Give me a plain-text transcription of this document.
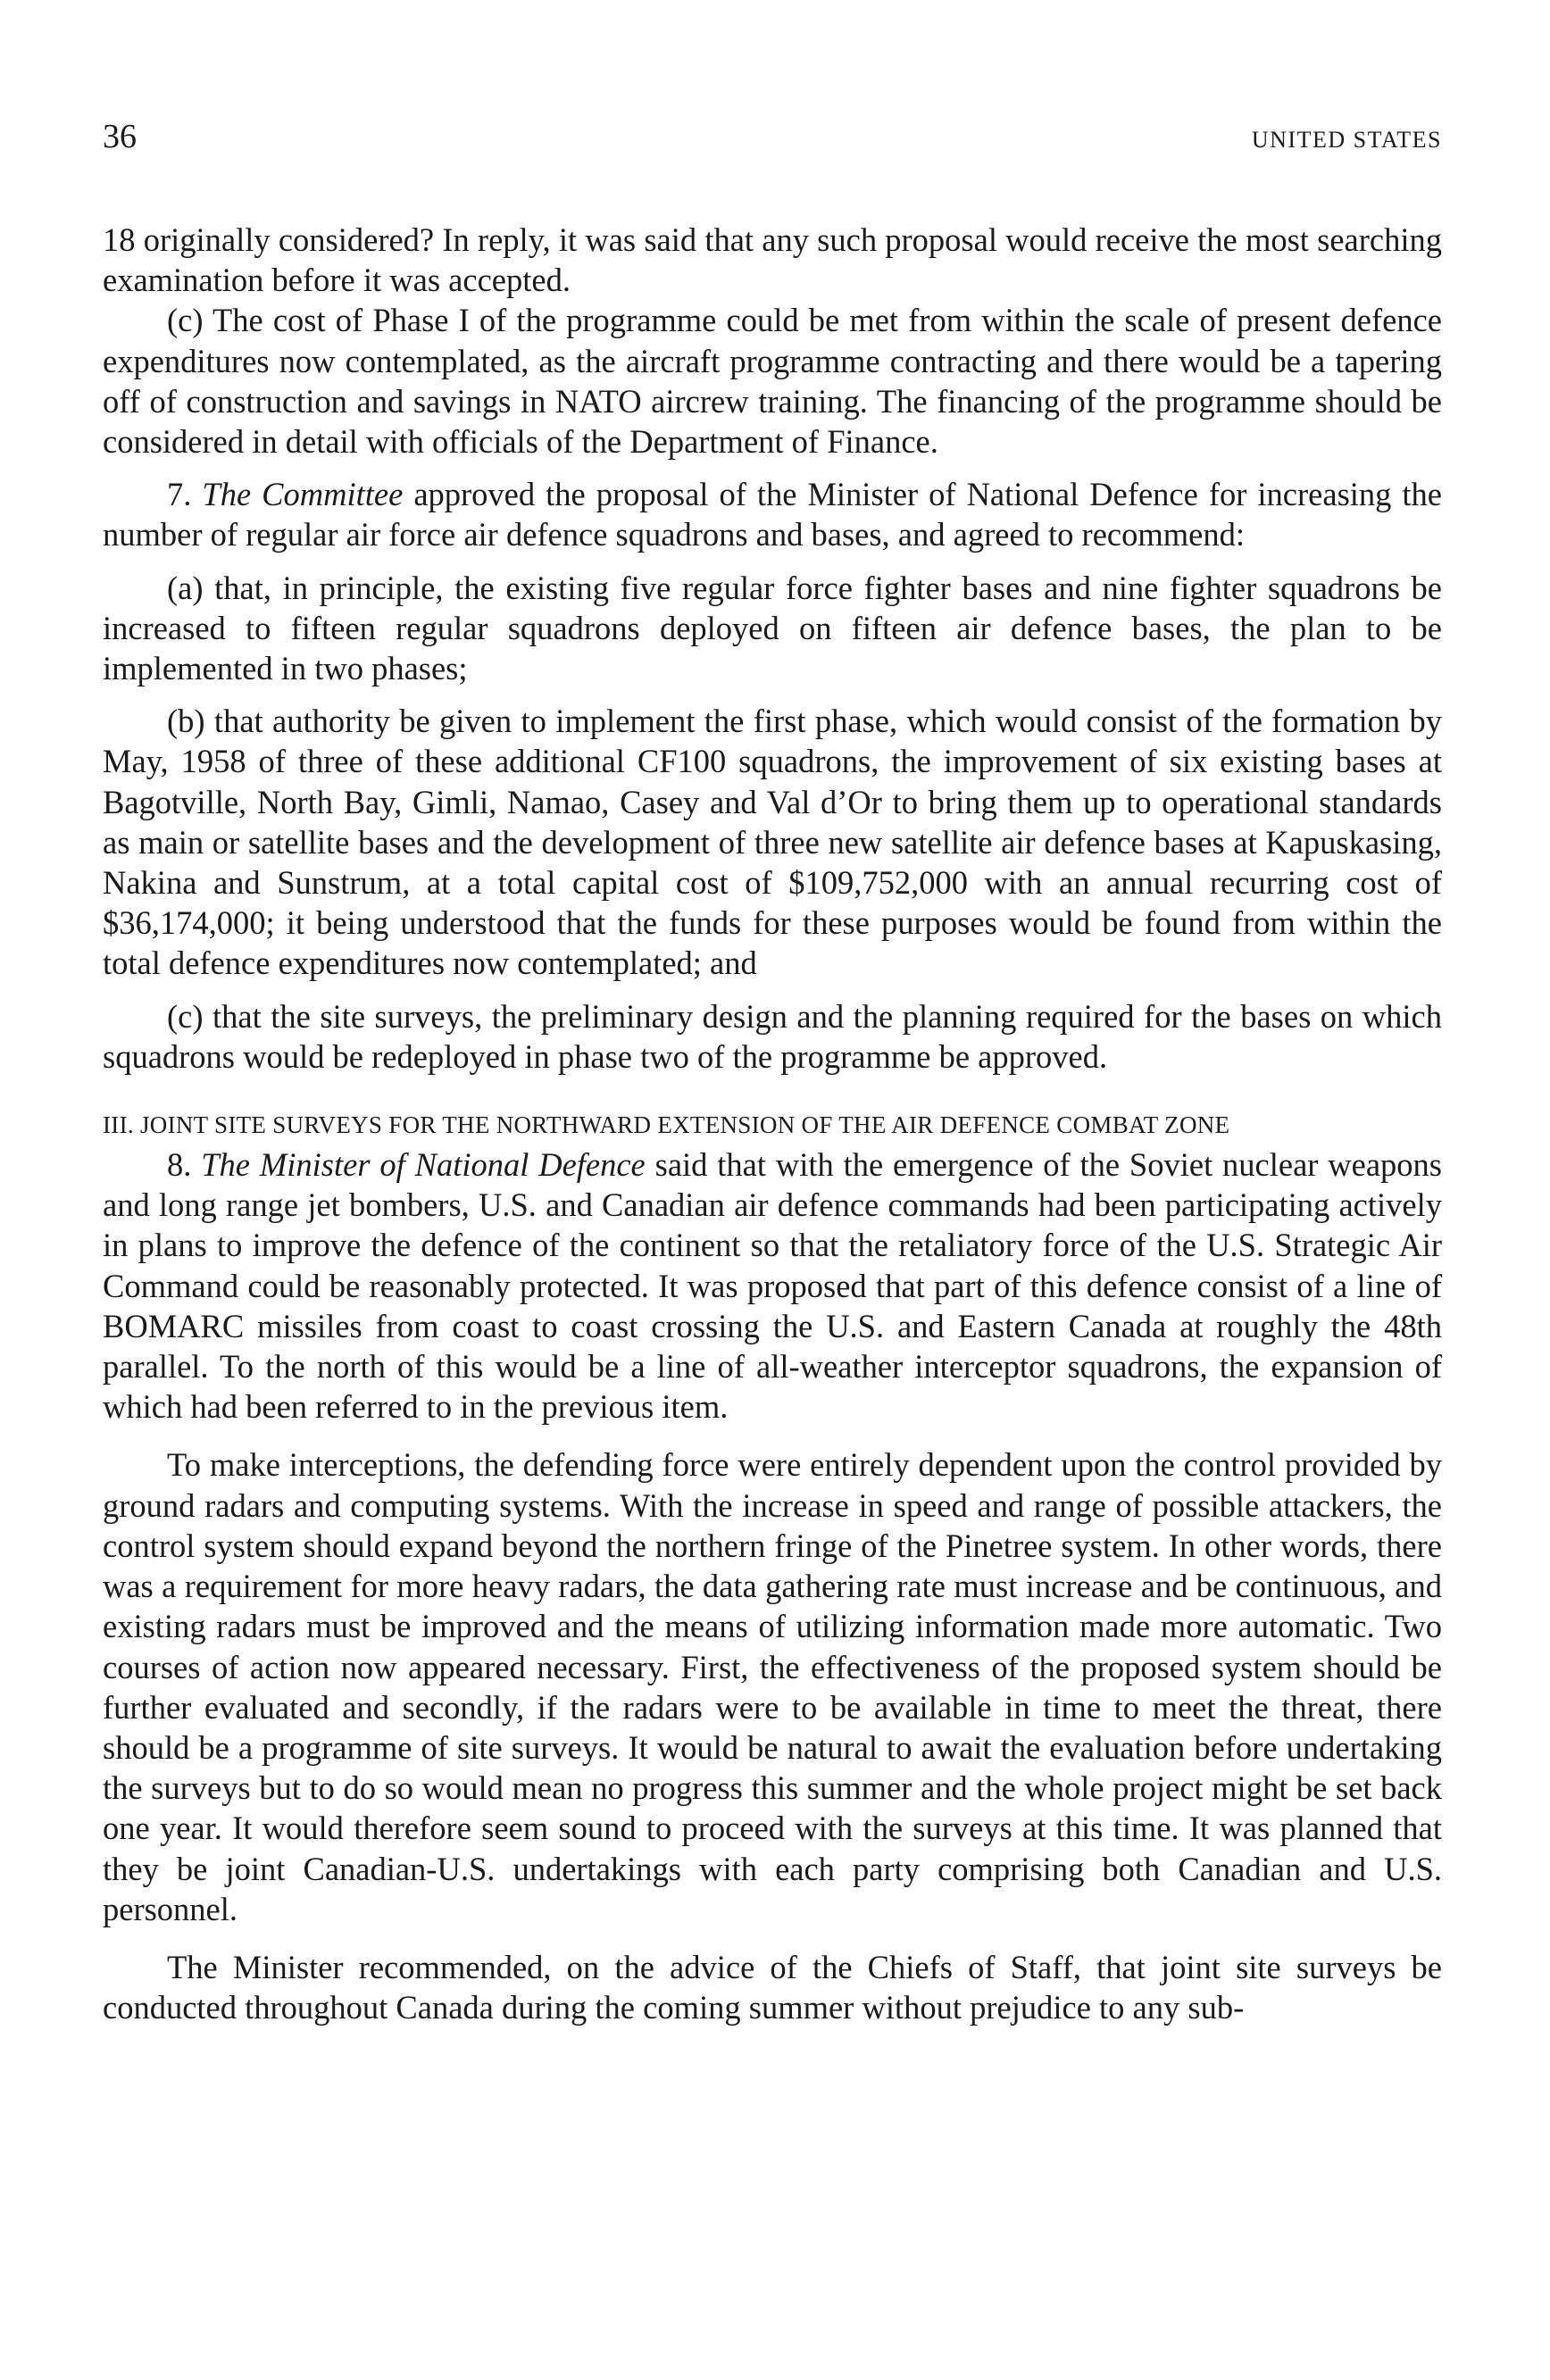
36	UNITED STATES

18 originally considered? In reply, it was said that any such proposal would receive the most searching examination before it was accepted.

(c) The cost of Phase I of the programme could be met from within the scale of present defence expenditures now contemplated, as the aircraft programme contracting and there would be a tapering off of construction and savings in NATO aircrew training. The financing of the programme should be considered in detail with officials of the Department of Finance.

7. The Committee approved the proposal of the Minister of National Defence for increasing the number of regular air force air defence squadrons and bases, and agreed to recommend:

(a) that, in principle, the existing five regular force fighter bases and nine fighter squadrons be increased to fifteen regular squadrons deployed on fifteen air defence bases, the plan to be implemented in two phases;

(b) that authority be given to implement the first phase, which would consist of the formation by May, 1958 of three of these additional CF100 squadrons, the improvement of six existing bases at Bagotville, North Bay, Gimli, Namao, Casey and Val d’Or to bring them up to operational standards as main or satellite bases and the development of three new satellite air defence bases at Kapuskasing, Nakina and Sunstrum, at a total capital cost of $109,752,000 with an annual recurring cost of $36,174,000; it being understood that the funds for these purposes would be found from within the total defence expenditures now contemplated; and

(c) that the site surveys, the preliminary design and the planning required for the bases on which squadrons would be redeployed in phase two of the programme be approved.

III. JOINT SITE SURVEYS FOR THE NORTHWARD EXTENSION OF THE AIR DEFENCE COMBAT ZONE

8. The Minister of National Defence said that with the emergence of the Soviet nuclear weapons and long range jet bombers, U.S. and Canadian air defence commands had been participating actively in plans to improve the defence of the continent so that the retaliatory force of the U.S. Strategic Air Command could be reasonably protected. It was proposed that part of this defence consist of a line of BOMARC missiles from coast to coast crossing the U.S. and Eastern Canada at roughly the 48th parallel. To the north of this would be a line of all-weather interceptor squadrons, the expansion of which had been referred to in the previous item.

To make interceptions, the defending force were entirely dependent upon the control provided by ground radars and computing systems. With the increase in speed and range of possible attackers, the control system should expand beyond the northern fringe of the Pinetree system. In other words, there was a requirement for more heavy radars, the data gathering rate must increase and be continuous, and existing radars must be improved and the means of utilizing information made more automatic. Two courses of action now appeared necessary. First, the effectiveness of the proposed system should be further evaluated and secondly, if the radars were to be available in time to meet the threat, there should be a programme of site surveys. It would be natural to await the evaluation before undertaking the surveys but to do so would mean no progress this summer and the whole project might be set back one year. It would therefore seem sound to proceed with the surveys at this time. It was planned that they be joint Canadian-U.S. undertakings with each party comprising both Canadian and U.S. personnel.

The Minister recommended, on the advice of the Chiefs of Staff, that joint site surveys be conducted throughout Canada during the coming summer without prejudice to any sub-
